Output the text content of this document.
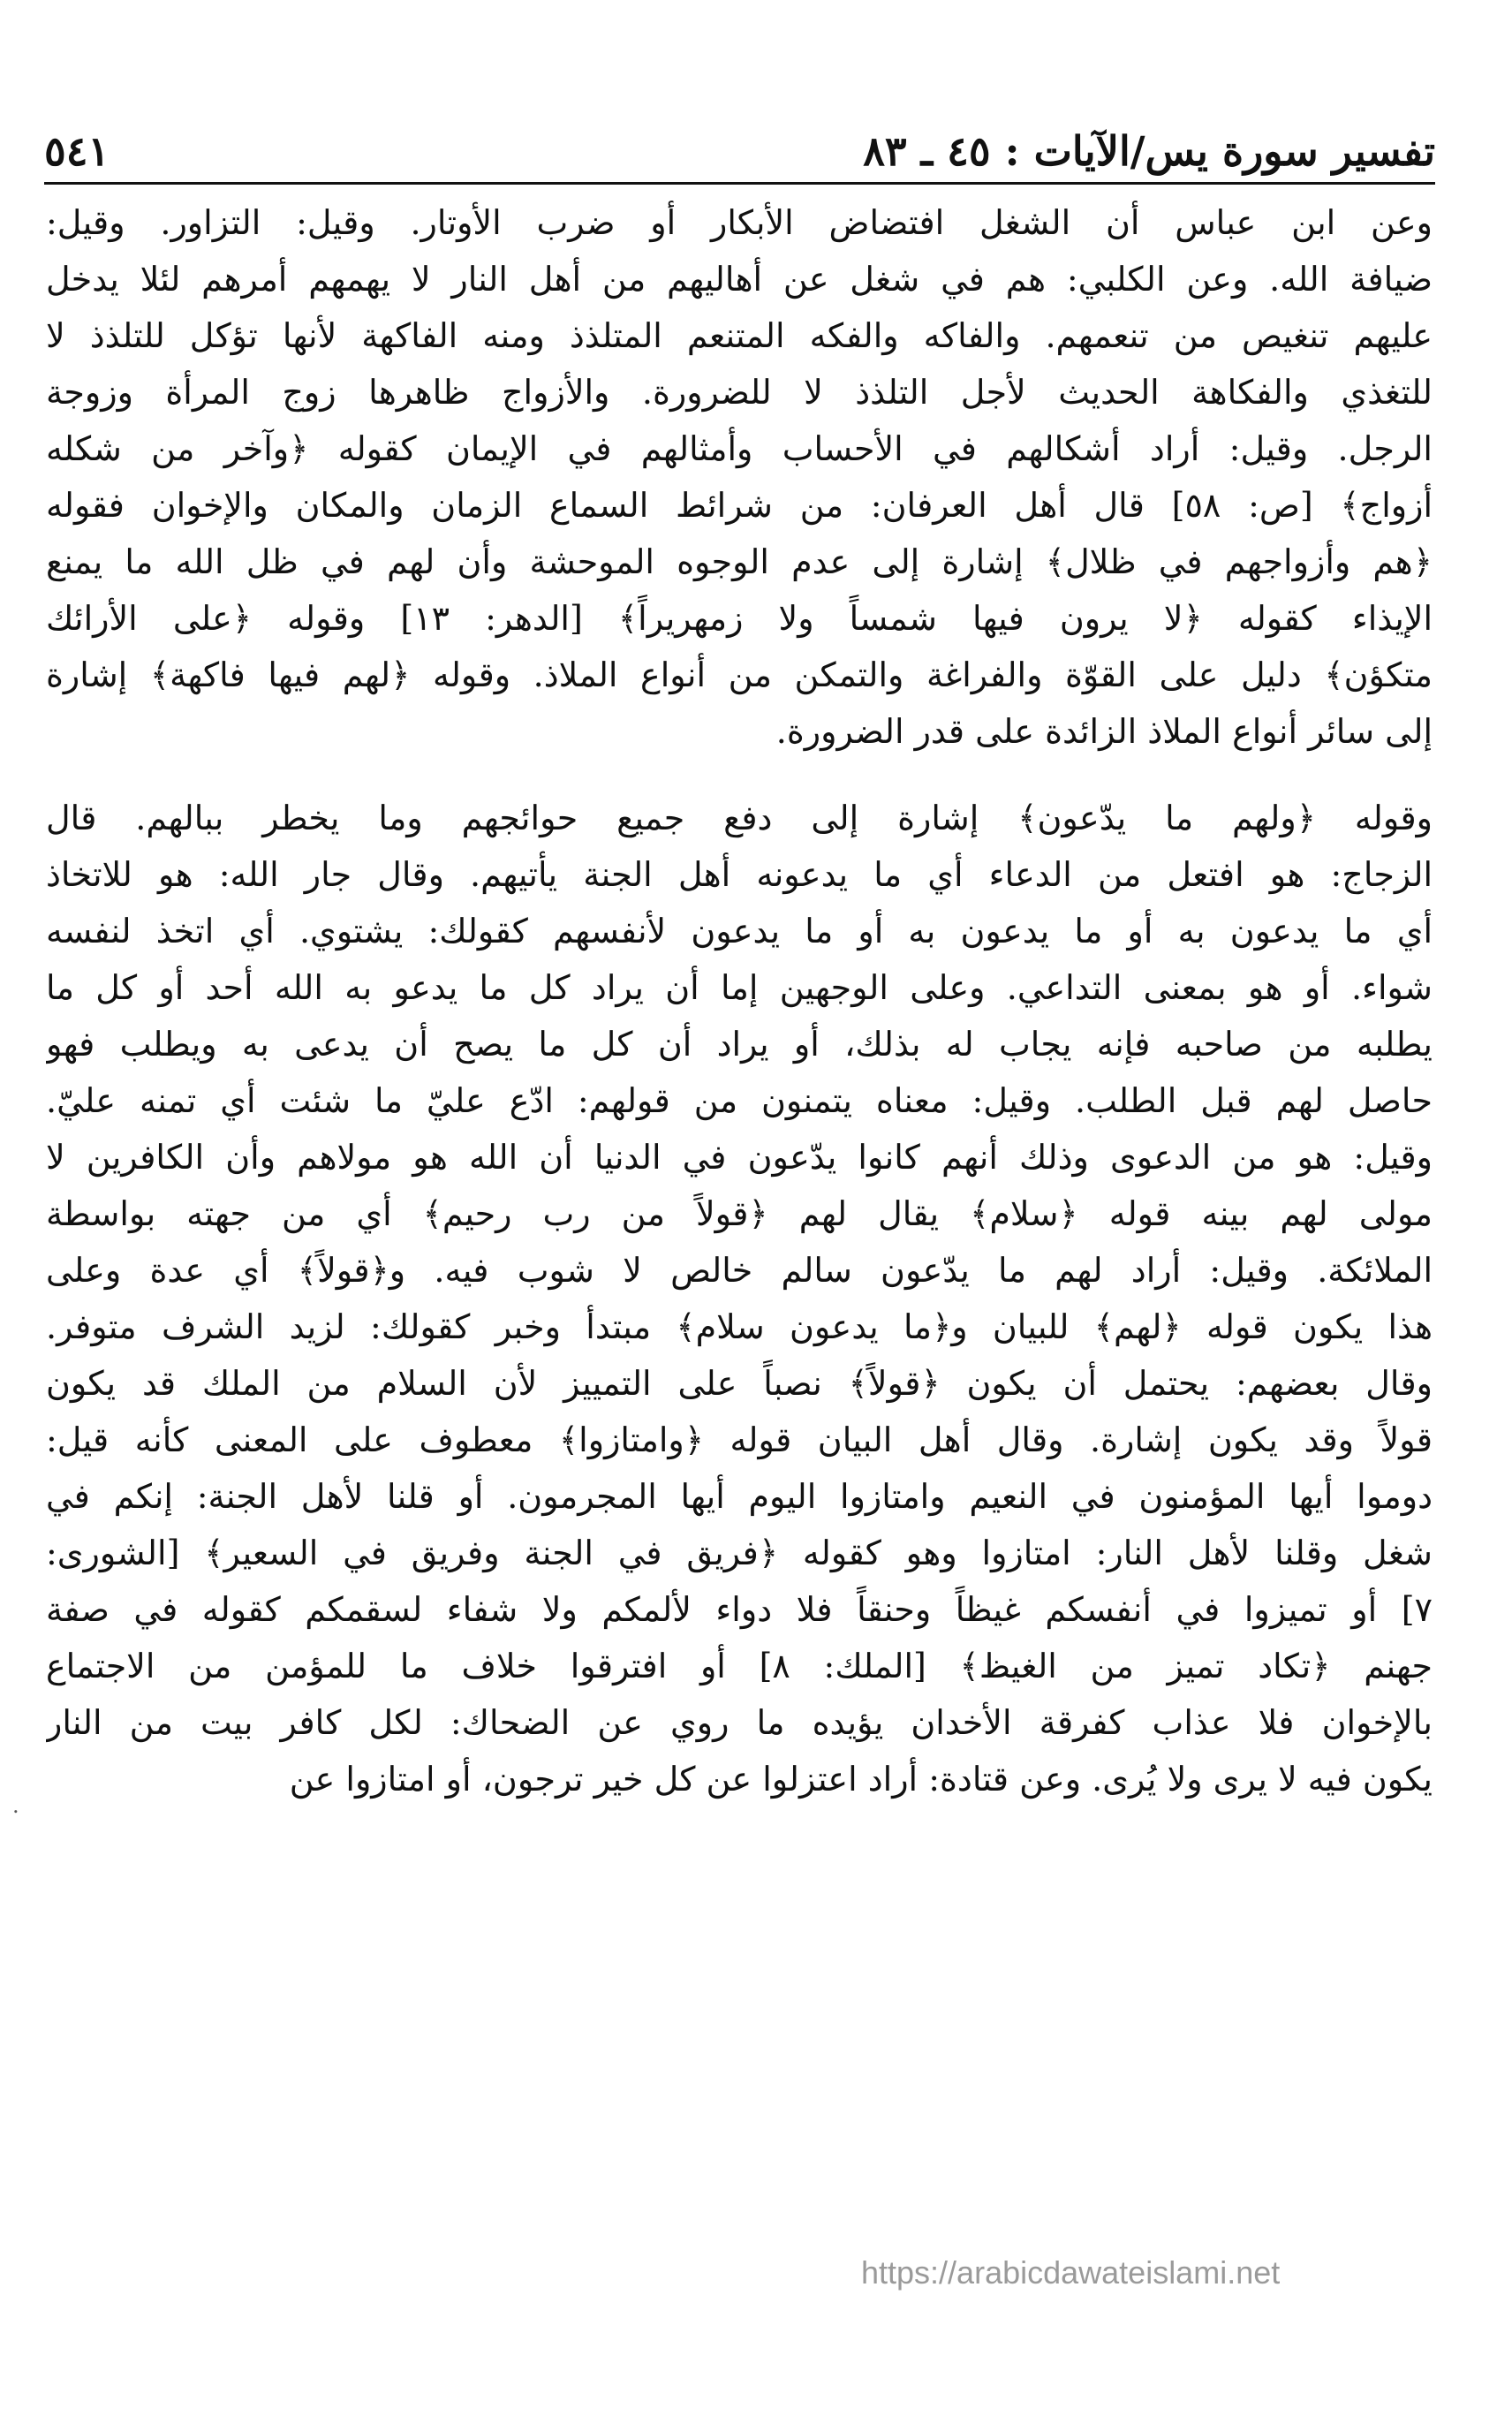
تفسير سورة يس/الآيات : ٤٥ ـ ٨٣
٥٤١
وعن ابن عباس أن الشغل افتضاض الأبكار أو ضرب الأوتار. وقيل: التزاور. وقيل:
ضيافة الله. وعن الكلبي: هم في شغل عن أهاليهم من أهل النار لا يهمهم أمرهم لئلا يدخل
عليهم تنغيص من تنعمهم. والفاكه والفكه المتنعم المتلذذ ومنه الفاكهة لأنها تؤكل للتلذذ لا
للتغذي والفكاهة الحديث لأجل التلذذ لا للضرورة. والأزواج ظاهرها زوج المرأة وزوجة
الرجل. وقيل: أراد أشكالهم في الأحساب وأمثالهم في الإيمان كقوله ﴿وآخر من شكله
أزواج﴾ [ص: ٥٨] قال أهل العرفان: من شرائط السماع الزمان والمكان والإخوان فقوله
﴿هم وأزواجهم في ظلال﴾ إشارة إلى عدم الوجوه الموحشة وأن لهم في ظل الله ما يمنع
الإيذاء كقوله ﴿لا يرون فيها شمساً ولا زمهريراً﴾ [الدهر: ١٣] وقوله ﴿على الأرائك
متكؤن﴾ دليل على القوّة والفراغة والتمكن من أنواع الملاذ. وقوله ﴿لهم فيها فاكهة﴾ إشارة
إلى سائر أنواع الملاذ الزائدة على قدر الضرورة.
وقوله ﴿ولهم ما يدّعون﴾ إشارة إلى دفع جميع حوائجهم وما يخطر ببالهم. قال
الزجاج: هو افتعل من الدعاء أي ما يدعونه أهل الجنة يأتيهم. وقال جار الله: هو للاتخاذ
أي ما يدعون به أو ما يدعون به أو ما يدعون لأنفسهم كقولك: يشتوي. أي اتخذ لنفسه
شواء. أو هو بمعنى التداعي. وعلى الوجهين إما أن يراد كل ما يدعو به الله أحد أو كل ما
يطلبه من صاحبه فإنه يجاب له بذلك، أو يراد أن كل ما يصح أن يدعى به ويطلب فهو
حاصل لهم قبل الطلب. وقيل: معناه يتمنون من قولهم: ادّع عليّ ما شئت أي تمنه عليّ.
وقيل: هو من الدعوى وذلك أنهم كانوا يدّعون في الدنيا أن الله هو مولاهم وأن الكافرين لا
مولى لهم بينه قوله ﴿سلام﴾ يقال لهم ﴿قولاً من رب رحيم﴾ أي من جهته بواسطة
الملائكة. وقيل: أراد لهم ما يدّعون سالم خالص لا شوب فيه. و﴿قولاً﴾ أي عدة وعلى
هذا يكون قوله ﴿لهم﴾ للبيان و﴿ما يدعون سلام﴾ مبتدأ وخبر كقولك: لزيد الشرف متوفر.
وقال بعضهم: يحتمل أن يكون ﴿قولاً﴾ نصباً على التمييز لأن السلام من الملك قد يكون
قولاً وقد يكون إشارة. وقال أهل البيان قوله ﴿وامتازوا﴾ معطوف على المعنى كأنه قيل:
دوموا أيها المؤمنون في النعيم وامتازوا اليوم أيها المجرمون. أو قلنا لأهل الجنة: إنكم في
شغل وقلنا لأهل النار: امتازوا وهو كقوله ﴿فريق في الجنة وفريق في السعير﴾ [الشورى:
٧] أو تميزوا في أنفسكم غيظاً وحنقاً فلا دواء لألمكم ولا شفاء لسقمكم كقوله في صفة
جهنم ﴿تكاد تميز من الغيظ﴾ [الملك: ٨] أو افترقوا خلاف ما للمؤمن من الاجتماع
بالإخوان فلا عذاب كفرقة الأخدان يؤيده ما روي عن الضحاك: لكل كافر بيت من النار
يكون فيه لا يرى ولا يُرى. وعن قتادة: أراد اعتزلوا عن كل خير ترجون، أو امتازوا عن
.
https://arabicdawateislami.net
